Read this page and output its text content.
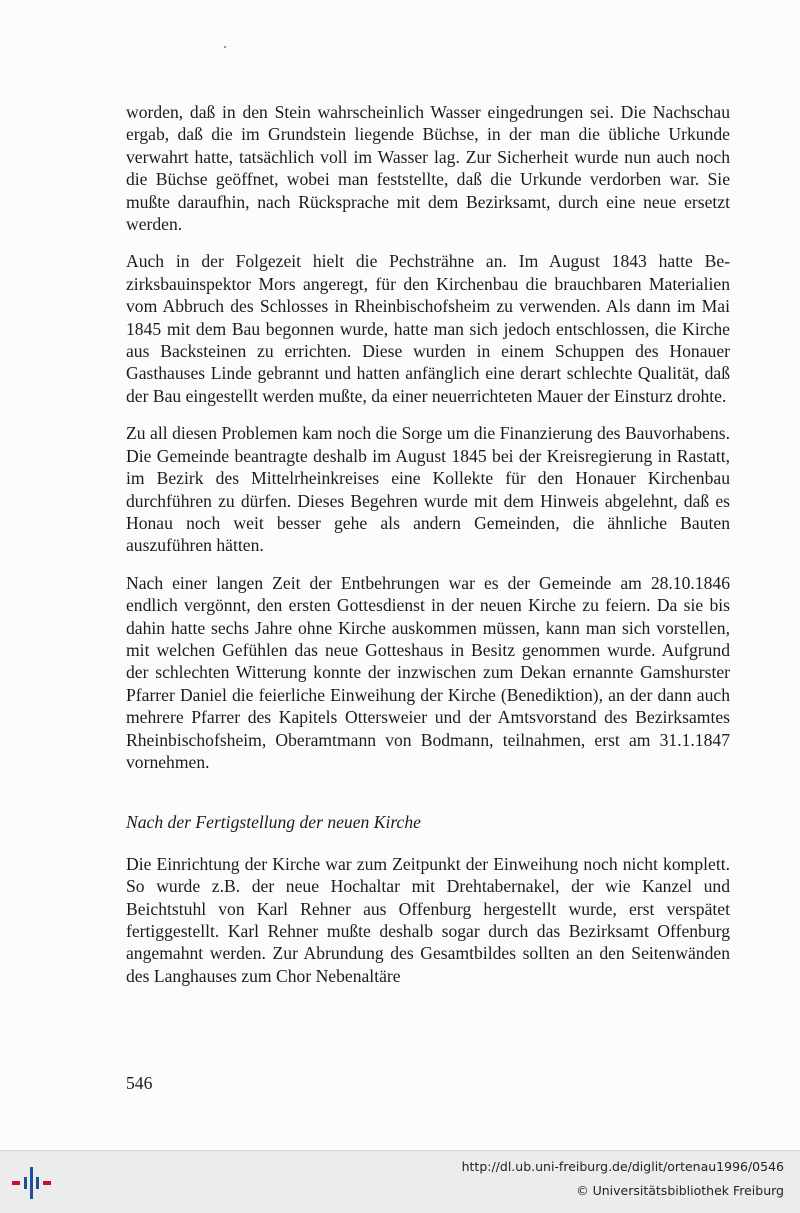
worden, daß in den Stein wahrscheinlich Wasser eingedrungen sei. Die Nachschau ergab, daß die im Grundstein liegende Büchse, in der man die übliche Urkunde verwahrt hatte, tatsächlich voll im Wasser lag. Zur Sicherheit wurde nun auch noch die Büchse geöffnet, wobei man feststellte, daß die Urkunde verdorben war. Sie mußte daraufhin, nach Rücksprache mit dem Bezirksamt, durch eine neue ersetzt werden.

Auch in der Folgezeit hielt die Pechsträhne an. Im August 1843 hatte Bezirksbauinspektor Mors angeregt, für den Kirchenbau die brauchbaren Materialien vom Abbruch des Schlosses in Rheinbischofsheim zu verwenden. Als dann im Mai 1845 mit dem Bau begonnen wurde, hatte man sich jedoch entschlossen, die Kirche aus Backsteinen zu errichten. Diese wurden in einem Schuppen des Honauer Gasthauses Linde gebrannt und hatten anfänglich eine derart schlechte Qualität, daß der Bau eingestellt werden mußte, da einer neuerrichteten Mauer der Einsturz drohte.

Zu all diesen Problemen kam noch die Sorge um die Finanzierung des Bauvorhabens. Die Gemeinde beantragte deshalb im August 1845 bei der Kreisregierung in Rastatt, im Bezirk des Mittelrheinkreises eine Kollekte für den Honauer Kirchenbau durchführen zu dürfen. Dieses Begehren wurde mit dem Hinweis abgelehnt, daß es Honau noch weit besser gehe als andern Gemeinden, die ähnliche Bauten auszuführen hätten.

Nach einer langen Zeit der Entbehrungen war es der Gemeinde am 28.10.1846 endlich vergönnt, den ersten Gottesdienst in der neuen Kirche zu feiern. Da sie bis dahin hatte sechs Jahre ohne Kirche auskommen müssen, kann man sich vorstellen, mit welchen Gefühlen das neue Gotteshaus in Besitz genommen wurde. Aufgrund der schlechten Witterung konnte der inzwischen zum Dekan ernannte Gamshurster Pfarrer Daniel die feierliche Einweihung der Kirche (Benediktion), an der dann auch mehrere Pfarrer des Kapitels Ottersweier und der Amtsvorstand des Bezirksamtes Rheinbischofsheim, Oberamtmann von Bodmann, teilnahmen, erst am 31.1.1847 vornehmen.

Nach der Fertigstellung der neuen Kirche

Die Einrichtung der Kirche war zum Zeitpunkt der Einweihung noch nicht komplett. So wurde z.B. der neue Hochaltar mit Drehtabernakel, der wie Kanzel und Beichtstuhl von Karl Rehner aus Offenburg hergestellt wurde, erst verspätet fertiggestellt. Karl Rehner mußte deshalb sogar durch das Bezirksamt Offenburg angemahnt werden. Zur Abrundung des Gesamtbildes sollten an den Seitenwänden des Langhauses zum Chor Nebenaltäre

546
http://dl.ub.uni-freiburg.de/diglit/ortenau1996/0546
© Universitätsbibliothek Freiburg
